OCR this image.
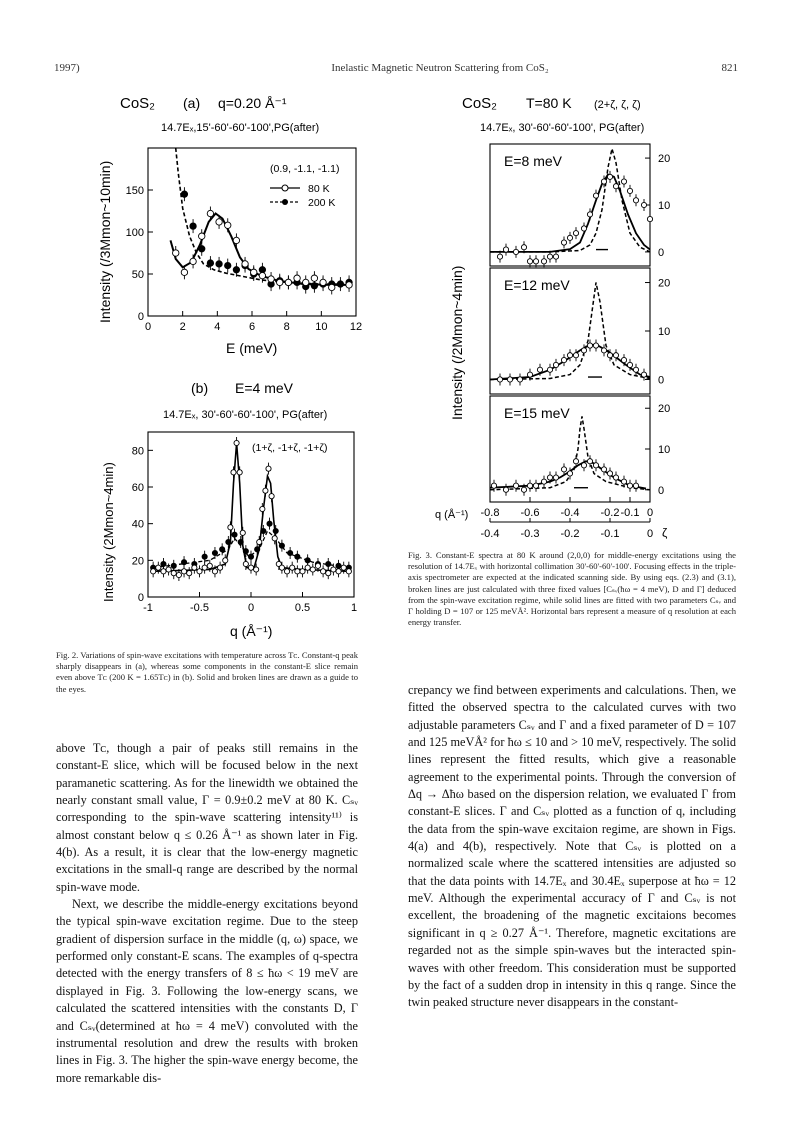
1997)	Inelastic Magnetic Neutron Scattering from CoS₂	821
CoS₂ (a) q=0.20 Å⁻¹
14.7Eₓ,15'-60'-60'-100',PG(after)
Intensity (/3Mmon~10min)
E (meV)
(0.9, -1.1, -1.1)
80 K
200 K
0	2	4	6	8 10 12
0
50
100
150
(b) E=4 meV
14.7Eₓ, 30'-60'-60'-100', PG(after)
Intensity (2Mmon~4min)
q (Å⁻¹)
(1+ζ, -1+ζ, -1+ζ)
-1	-0.5	0	0.5	1
0
20
40
60
80
CoS₂ T=80 K (2+ζ, ζ, ζ)
14.7Eₓ, 30'-60'-60'-100', PG(after)
Intensity (/2Mmon~4min)
q (Å⁻¹)
ζ
E=8 meV
0
10
20
E=12 meV
0
10
20
E=15 meV
0
10
20
-0.8 -0.6 -0.4 -0.2 -0.1 0
-0.4 -0.3 -0.2 -0.1 0
Fig. 2. Variations of spin-wave excitations with temperature across Tᴄ. Constant-q peak sharply disappears in (a), whereas some components in the constant-E slice remain even above Tᴄ (200 K = 1.65Tᴄ) in (b). Solid and broken lines are drawn as a guide to the eyes.
Fig. 3. Constant-E spectra at 80 K around (2,0,0) for middle-energy excitations using the resolution of 14.7Eₓ with horizontal collimation 30'-60'-60'-100'. Focusing effects in the triple-axis spectrometer are expected at the indicated scanning side. By using eqs. (2.3) and (3.1), broken lines are just calculated with three fixed values [Cₛᵥ(ħω = 4 meV), D and Γ] deduced from the spin-wave excitation regime, while solid lines are fitted with two parameters Cₛᵥ and Γ holding D = 107 or 125 meVÅ². Horizontal bars represent a measure of q resolution at each energy transfer.

above Tᴄ, though a pair of peaks still remains in the constant-E slice, which will be focused below in the next paramanetic scattering. As for the linewidth we obtained the nearly constant small value, Γ = 0.9±0.2 meV at 80 K. Cₛᵥ corresponding to the spin-wave scattering intensity¹¹⁾ is almost constant below q ≤ 0.26 Å⁻¹ as shown later in Fig. 4(b). As a result, it is clear that the low-energy magnetic excitations in the small-q range are described by the normal spin-wave mode.

Next, we describe the middle-energy excitations beyond the typical spin-wave excitation regime. Due to the steep gradient of dispersion surface in the middle (q, ω) space, we performed only constant-E scans. The examples of q-spectra detected with the energy transfers of 8 ≤ ħω < 19 meV are displayed in Fig. 3. Following the low-energy scans, we calculated the scattered intensities with the constants D, Γ and Cₛᵥ(determined at ħω = 4 meV) convoluted with the instrumental resolution and drew the results with broken lines in Fig. 3. The higher the spin-wave energy become, the more remarkable dis-

crepancy we find between experiments and calculations. Then, we fitted the observed spectra to the calculated curves with two adjustable parameters Cₛᵥ and Γ and a fixed parameter of D = 107 and 125 meVÅ² for ħω ≤ 10 and > 10 meV, respectively. The solid lines represent the fitted results, which give a reasonable agreement to the experimental points. Through the conversion of Δq → Δħω based on the dispersion relation, we evaluated Γ from constant-E slices. Γ and Cₛᵥ plotted as a function of q, including the data from the spin-wave excitaion regime, are shown in Figs. 4(a) and 4(b), respectively. Note that Cₛᵥ is plotted on a normalized scale where the scattered intensities are adjusted so that the data points with 14.7Eₓ and 30.4Eₓ superpose at ħω = 12 meV. Although the experimental accuracy of Γ and Cₛᵥ is not excellent, the broadening of the magnetic excitaions becomes significant in q ≥ 0.27 Å⁻¹. Therefore, magnetic excitations are regarded not as the simple spin-waves but the interacted spin-waves with other freedom. This consideration must be supported by the fact of a sudden drop in intensity in this q range. Since the twin peaked structure never disappears in the constant-
